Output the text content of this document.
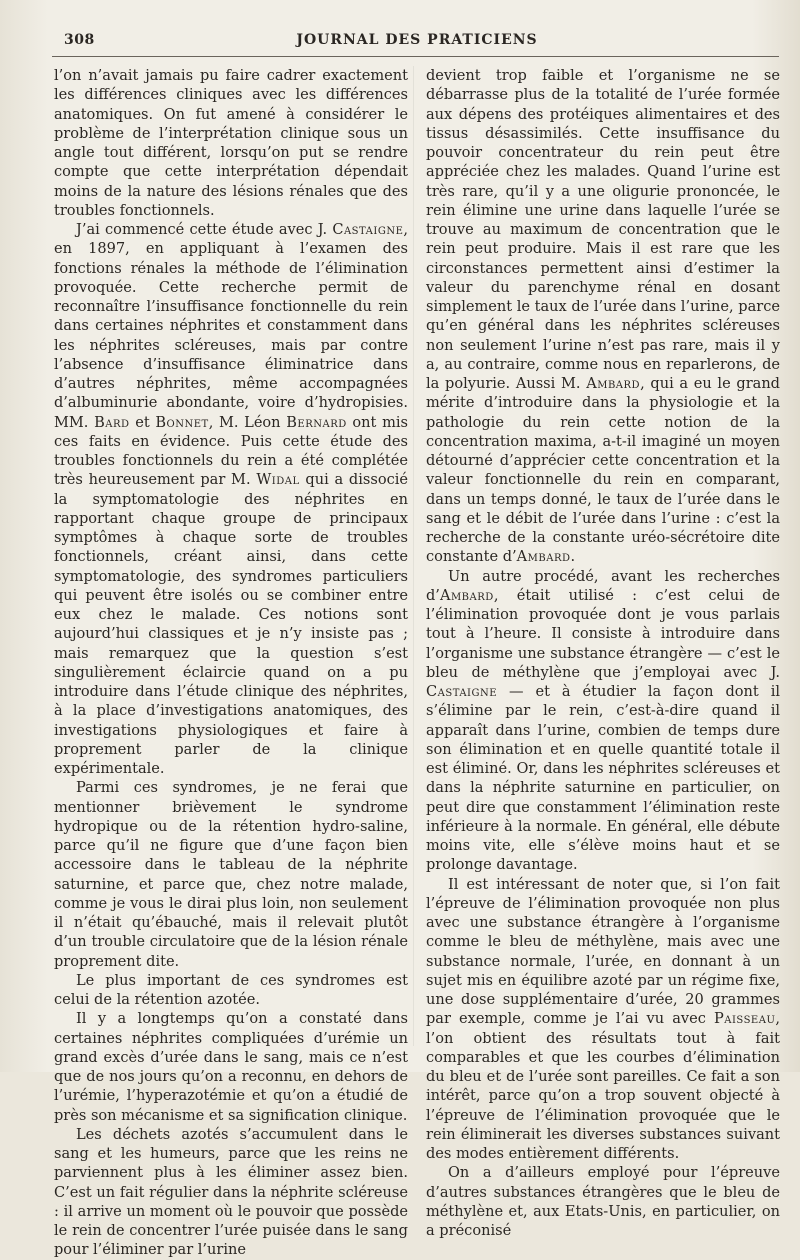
308	JOURNAL DES PRATICIENS

l’on n’avait jamais pu faire cadrer exactement les différences cliniques avec les différences anatomiques. On fut amené à considérer le problème de l’interprétation clinique sous un angle tout différent, lorsqu’on put se rendre compte que cette interprétation dépendait moins de la nature des lésions rénales que des troubles fonctionnels.

J’ai commencé cette étude avec J. Castaigne, en 1897, en appliquant à l’examen des fonctions rénales la méthode de l’élimination provoquée. Cette recherche permit de reconnaître l’insuffisance fonctionnelle du rein dans certaines néphrites et constamment dans les néphrites scléreuses, mais par contre l’absence d’insuffisance éliminatrice dans d’autres néphrites, même accompagnées d’albuminurie abondante, voire d’hydropisies. MM. Bard et Bonnet, M. Léon Bernard ont mis ces faits en évidence. Puis cette étude des troubles fonctionnels du rein a été complétée très heureusement par M. Widal qui a dissocié la symptomatologie des néphrites en rapportant chaque groupe de principaux symptômes à chaque sorte de troubles fonctionnels, créant ainsi, dans cette symptomatologie, des syndromes particuliers qui peuvent être isolés ou se combiner entre eux chez le malade. Ces notions sont aujourd’hui classiques et je n’y insiste pas ; mais remarquez que la question s’est singulièrement éclaircie quand on a pu introduire dans l’étude clinique des néphrites, à la place d’investigations anatomiques, des investigations physiologiques et faire à proprement parler de la clinique expérimentale.

Parmi ces syndromes, je ne ferai que mentionner brièvement le syndrome hydropique ou de la rétention hydro-saline, parce qu’il ne figure que d’une façon bien accessoire dans le tableau de la néphrite saturnine, et parce que, chez notre malade, comme je vous le dirai plus loin, non seulement il n’était qu’ébauché, mais il relevait plutôt d’un trouble circulatoire que de la lésion rénale proprement dite.

Le plus important de ces syndromes est celui de la rétention azotée.

Il y a longtemps qu’on a constaté dans certaines néphrites compliquées d’urémie un grand excès d’urée dans le sang, mais ce n’est que de nos jours qu’on a reconnu, en dehors de l’urémie, l’hyperazotémie et qu’on a étudié de près son mécanisme et sa signification clinique.

Les déchets azotés s’accumulent dans le sang et les humeurs, parce que les reins ne parviennent plus à les éliminer assez bien. C’est un fait régulier dans la néphrite scléreuse : il arrive un moment où le pouvoir que possède le rein de concentrer l’urée puisée dans le sang pour l’éliminer par l’urine

devient trop faible et l’organisme ne se débarrasse plus de la totalité de l’urée formée aux dépens des protéiques alimentaires et des tissus désassimilés. Cette insuffisance du pouvoir concentrateur du rein peut être appréciée chez les malades. Quand l’urine est très rare, qu’il y a une oligurie prononcée, le rein élimine une urine dans laquelle l’urée se trouve au maximum de concentration que le rein peut produire. Mais il est rare que les circonstances permettent ainsi d’estimer la valeur du parenchyme rénal en dosant simplement le taux de l’urée dans l’urine, parce qu’en général dans les néphrites scléreuses non seulement l’urine n’est pas rare, mais il y a, au contraire, comme nous en reparlerons, de la polyurie. Aussi M. Ambard, qui a eu le grand mérite d’introduire dans la physiologie et la pathologie du rein cette notion de la concentration maxima, a-t-il imaginé un moyen détourné d’apprécier cette concentration et la valeur fonctionnelle du rein en comparant, dans un temps donné, le taux de l’urée dans le sang et le débit de l’urée dans l’urine : c’est la recherche de la constante uréo-sécrétoire dite constante d’Ambard.

Un autre procédé, avant les recherches d’Ambard, était utilisé : c’est celui de l’élimination provoquée dont je vous parlais tout à l’heure. Il consiste à introduire dans l’organisme une substance étrangère — c’est le bleu de méthylène que j’employai avec J. Castaigne — et à étudier la façon dont il s’élimine par le rein, c’est-à-dire quand il apparaît dans l’urine, combien de temps dure son élimination et en quelle quantité totale il est éliminé. Or, dans les néphrites scléreuses et dans la néphrite saturnine en particulier, on peut dire que constamment l’élimination reste inférieure à la normale. En général, elle débute moins vite, elle s’élève moins haut et se prolonge davantage.

Il est intéressant de noter que, si l’on fait l’épreuve de l’élimination provoquée non plus avec une substance étrangère à l’organisme comme le bleu de méthylène, mais avec une substance normale, l’urée, en donnant à un sujet mis en équilibre azoté par un régime fixe, une dose supplémentaire d’urée, 20 grammes par exemple, comme je l’ai vu avec Paisseau, l’on obtient des résultats tout à fait comparables et que les courbes d’élimination du bleu et de l’urée sont pareilles. Ce fait a son intérêt, parce qu’on a trop souvent objecté à l’épreuve de l’élimination provoquée que le rein éliminerait les diverses substances suivant des modes entièrement différents.

On a d’ailleurs employé pour l’épreuve d’autres substances étrangères que le bleu de méthylène et, aux Etats-Unis, en particulier, on a préconisé
